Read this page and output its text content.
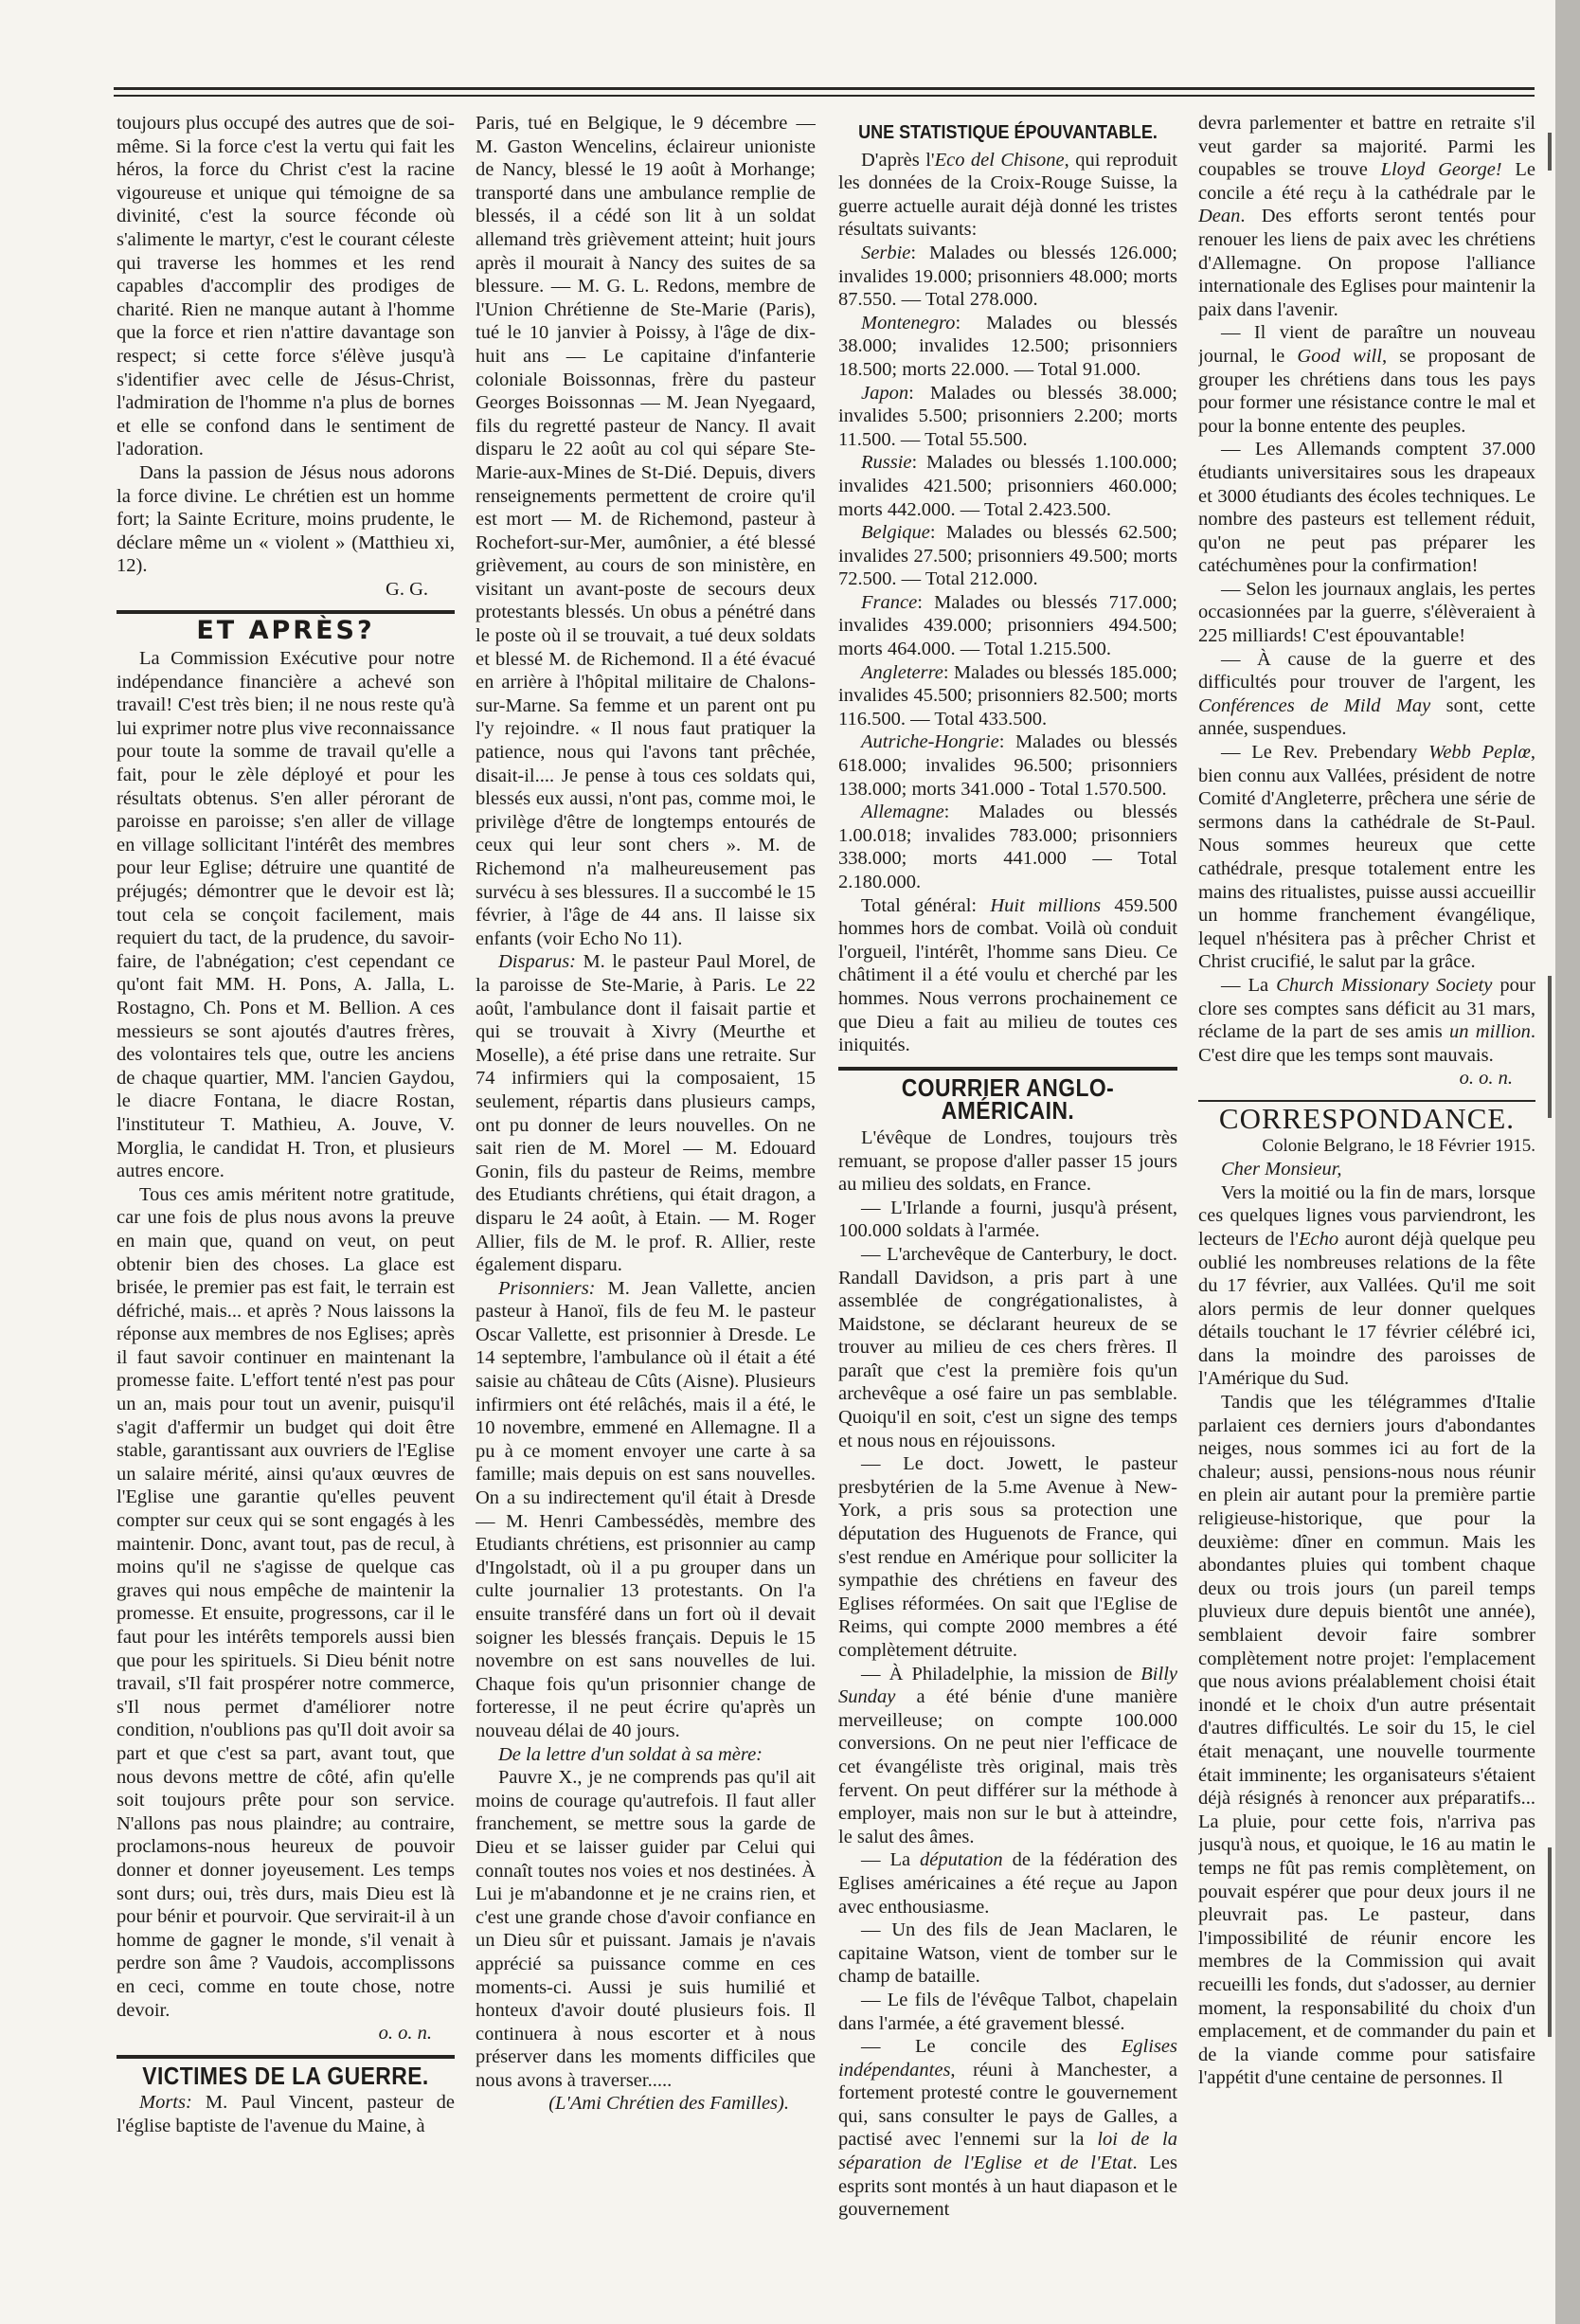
toujours plus occupé des autres que de soi-même. Si la force c'est la vertu qui fait les héros, la force du Christ c'est la racine vigoureuse et unique qui témoigne de sa divinité, c'est la source féconde où s'alimente le martyr, c'est le courant céleste qui traverse les hommes et les rend capables d'accomplir des prodiges de charité. Rien ne manque autant à l'homme que la force et rien n'attire davantage son respect; si cette force s'élève jusqu'à s'identifier avec celle de Jésus-Christ, l'admiration de l'homme n'a plus de bornes et elle se confond dans le sentiment de l'adoration.

Dans la passion de Jésus nous adorons la force divine. Le chrétien est un homme fort; la Sainte Ecriture, moins prudente, le déclare même un « violent » (Matthieu xi, 12).

G. G.

ET APRÈS?

La Commission Exécutive pour notre indépendance financière a achevé son travail! C'est très bien; il ne nous reste qu'à lui exprimer notre plus vive reconnaissance pour toute la somme de travail qu'elle a fait, pour le zèle déployé et pour les résultats obtenus. S'en aller pérorant de paroisse en paroisse; s'en aller de village en village sollicitant l'intérêt des membres pour leur Eglise; détruire une quantité de préjugés; démontrer que le devoir est là; tout cela se conçoit facilement, mais requiert du tact, de la prudence, du savoir-faire, de l'abnégation; c'est cependant ce qu'ont fait MM. H. Pons, A. Jalla, L. Rostagno, Ch. Pons et M. Bellion. A ces messieurs se sont ajoutés d'autres frères, des volontaires tels que, outre les anciens de chaque quartier, MM. l'ancien Gaydou, le diacre Fontana, le diacre Rostan, l'instituteur T. Mathieu, A. Jouve, V. Morglia, le candidat H. Tron, et plusieurs autres encore.

Tous ces amis méritent notre gratitude, car une fois de plus nous avons la preuve en main que, quand on veut, on peut obtenir bien des choses. La glace est brisée, le premier pas est fait, le terrain est défriché, mais... et après ? Nous laissons la réponse aux membres de nos Eglises; après il faut savoir continuer en maintenant la promesse faite. L'effort tenté n'est pas pour un an, mais pour tout un avenir, puisqu'il s'agit d'affermir un budget qui doit être stable, garantissant aux ouvriers de l'Eglise un salaire mérité, ainsi qu'aux œuvres de l'Eglise une garantie qu'elles peuvent compter sur ceux qui se sont engagés à les maintenir. Donc, avant tout, pas de recul, à moins qu'il ne s'agisse de quelque cas graves qui nous empêche de maintenir la promesse. Et ensuite, progressons, car il le faut pour les intérêts temporels aussi bien que pour les spirituels. Si Dieu bénit notre travail, s'Il fait prospérer notre commerce, s'Il nous permet d'améliorer notre condition, n'oublions pas qu'Il doit avoir sa part et que c'est sa part, avant tout, que nous devons mettre de côté, afin qu'elle soit toujours prête pour son service. N'allons pas nous plaindre; au contraire, proclamons-nous heureux de pouvoir donner et donner joyeusement. Les temps sont durs; oui, très durs, mais Dieu est là pour bénir et pourvoir. Que servirait-il à un homme de gagner le monde, s'il venait à perdre son âme ? Vaudois, accomplissons en ceci, comme en toute chose, notre devoir.

o. o. n.

VICTIMES DE LA GUERRE.

Morts: M. Paul Vincent, pasteur de l'église baptiste de l'avenue du Maine, à

Paris, tué en Belgique, le 9 décembre — M. Gaston Wencelins, éclaireur unioniste de Nancy, blessé le 19 août à Morhange; transporté dans une ambulance remplie de blessés, il a cédé son lit à un soldat allemand très grièvement atteint; huit jours après il mourait à Nancy des suites de sa blessure. — M. G. L. Redons, membre de l'Union Chrétienne de Ste-Marie (Paris), tué le 10 janvier à Poissy, à l'âge de dix-huit ans — Le capitaine d'infanterie coloniale Boissonnas, frère du pasteur Georges Boissonnas — M. Jean Nyegaard, fils du regretté pasteur de Nancy. Il avait disparu le 22 août au col qui sépare Ste-Marie-aux-Mines de St-Dié. Depuis, divers renseignements permettent de croire qu'il est mort — M. de Richemond, pasteur à Rochefort-sur-Mer, aumônier, a été blessé grièvement, au cours de son ministère, en visitant un avant-poste de secours deux protestants blessés. Un obus a pénétré dans le poste où il se trouvait, a tué deux soldats et blessé M. de Richemond. Il a été évacué en arrière à l'hôpital militaire de Chalons-sur-Marne. Sa femme et un parent ont pu l'y rejoindre. « Il nous faut pratiquer la patience, nous qui l'avons tant prêchée, disait-il.... Je pense à tous ces soldats qui, blessés eux aussi, n'ont pas, comme moi, le privilège d'être de longtemps entourés de ceux qui leur sont chers ». M. de Richemond n'a malheureusement pas survécu à ses blessures. Il a succombé le 15 février, à l'âge de 44 ans. Il laisse six enfants (voir Echo No 11).

Disparus: M. le pasteur Paul Morel, de la paroisse de Ste-Marie, à Paris. Le 22 août, l'ambulance dont il faisait partie et qui se trouvait à Xivry (Meurthe et Moselle), a été prise dans une retraite. Sur 74 infirmiers qui la composaient, 15 seulement, répartis dans plusieurs camps, ont pu donner de leurs nouvelles. On ne sait rien de M. Morel — M. Edouard Gonin, fils du pasteur de Reims, membre des Etudiants chrétiens, qui était dragon, a disparu le 24 août, à Etain. — M. Roger Allier, fils de M. le prof. R. Allier, reste également disparu.

Prisonniers: M. Jean Vallette, ancien pasteur à Hanoï, fils de feu M. le pasteur Oscar Vallette, est prisonnier à Dresde. Le 14 septembre, l'ambulance où il était a été saisie au château de Cûts (Aisne). Plusieurs infirmiers ont été relâchés, mais il a été, le 10 novembre, emmené en Allemagne. Il a pu à ce moment envoyer une carte à sa famille; mais depuis on est sans nouvelles. On a su indirectement qu'il était à Dresde — M. Henri Cambessédès, membre des Etudiants chrétiens, est prisonnier au camp d'Ingolstadt, où il a pu grouper dans un culte journalier 13 protestants. On l'a ensuite transféré dans un fort où il devait soigner les blessés français. Depuis le 15 novembre on est sans nouvelles de lui. Chaque fois qu'un prisonnier change de forteresse, il ne peut écrire qu'après un nouveau délai de 40 jours.

De la lettre d'un soldat à sa mère:

Pauvre X., je ne comprends pas qu'il ait moins de courage qu'autrefois. Il faut aller franchement, se mettre sous la garde de Dieu et se laisser guider par Celui qui connaît toutes nos voies et nos destinées. À Lui je m'abandonne et je ne crains rien, et c'est une grande chose d'avoir confiance en un Dieu sûr et puissant. Jamais je n'avais apprécié sa puissance comme en ces moments-ci. Aussi je suis humilié et honteux d'avoir douté plusieurs fois. Il continuera à nous escorter et à nous préserver dans les moments difficiles que nous avons à traverser.....

(L'Ami Chrétien des Familles).

UNE STATISTIQUE ÉPOUVANTABLE.

D'après l'Eco del Chisone, qui reproduit les données de la Croix-Rouge Suisse, la guerre actuelle aurait déjà donné les tristes résultats suivants:

Serbie: Malades ou blessés 126.000; invalides 19.000; prisonniers 48.000; morts 87.550. — Total 278.000.

Montenegro: Malades ou blessés 38.000; invalides 12.500; prisonniers 18.500; morts 22.000. — Total 91.000.

Japon: Malades ou blessés 38.000; invalides 5.500; prisonniers 2.200; morts 11.500. — Total 55.500.

Russie: Malades ou blessés 1.100.000; invalides 421.500; prisonniers 460.000; morts 442.000. — Total 2.423.500.

Belgique: Malades ou blessés 62.500; invalides 27.500; prisonniers 49.500; morts 72.500. — Total 212.000.

France: Malades ou blessés 717.000; invalides 439.000; prisonniers 494.500; morts 464.000. — Total 1.215.500.

Angleterre: Malades ou blessés 185.000; invalides 45.500; prisonniers 82.500; morts 116.500. — Total 433.500.

Autriche-Hongrie: Malades ou blessés 618.000; invalides 96.500; prisonniers 138.000; morts 341.000 - Total 1.570.500.

Allemagne: Malades ou blessés 1.00.018; invalides 783.000; prisonniers 338.000; morts 441.000 — Total 2.180.000.

Total général: Huit millions 459.500 hommes hors de combat. Voilà où conduit l'orgueil, l'intérêt, l'homme sans Dieu. Ce châtiment il a été voulu et cherché par les hommes. Nous verrons prochainement ce que Dieu a fait au milieu de toutes ces iniquités.

COURRIER ANGLO-AMÉRICAIN.

L'évêque de Londres, toujours très remuant, se propose d'aller passer 15 jours au milieu des soldats, en France.

— L'Irlande a fourni, jusqu'à présent, 100.000 soldats à l'armée.

— L'archevêque de Canterbury, le doct. Randall Davidson, a pris part à une assemblée de congrégationalistes, à Maidstone, se déclarant heureux de se trouver au milieu de ces chers frères. Il paraît que c'est la première fois qu'un archevêque a osé faire un pas semblable. Quoiqu'il en soit, c'est un signe des temps et nous nous en réjouissons.

— Le doct. Jowett, le pasteur presbytérien de la 5.me Avenue à New-York, a pris sous sa protection une députation des Huguenots de France, qui s'est rendue en Amérique pour solliciter la sympathie des chrétiens en faveur des Eglises réformées. On sait que l'Eglise de Reims, qui compte 2000 membres a été complètement détruite.

— À Philadelphie, la mission de Billy Sunday a été bénie d'une manière merveilleuse; on compte 100.000 conversions. On ne peut nier l'efficace de cet évangéliste très original, mais très fervent. On peut différer sur la méthode à employer, mais non sur le but à atteindre, le salut des âmes.

— La députation de la fédération des Eglises américaines a été reçue au Japon avec enthousiasme.

— Un des fils de Jean Maclaren, le capitaine Watson, vient de tomber sur le champ de bataille.

— Le fils de l'évêque Talbot, chapelain dans l'armée, a été gravement blessé.

— Le concile des Eglises indépendantes, réuni à Manchester, a fortement protesté contre le gouvernement qui, sans consulter le pays de Galles, a pactisé avec l'ennemi sur la loi de la séparation de l'Eglise et de l'Etat. Les esprits sont montés à un haut diapason et le gouvernement

devra parlementer et battre en retraite s'il veut garder sa majorité. Parmi les coupables se trouve Lloyd George! Le concile a été reçu à la cathédrale par le Dean. Des efforts seront tentés pour renouer les liens de paix avec les chrétiens d'Allemagne. On propose l'alliance internationale des Eglises pour maintenir la paix dans l'avenir.

— Il vient de paraître un nouveau journal, le Good will, se proposant de grouper les chrétiens dans tous les pays pour former une résistance contre le mal et pour la bonne entente des peuples.

— Les Allemands comptent 37.000 étudiants universitaires sous les drapeaux et 3000 étudiants des écoles techniques. Le nombre des pasteurs est tellement réduit, qu'on ne peut pas préparer les catéchumènes pour la confirmation!

— Selon les journaux anglais, les pertes occasionnées par la guerre, s'élèveraient à 225 milliards! C'est épouvantable!

— À cause de la guerre et des difficultés pour trouver de l'argent, les Conférences de Mild May sont, cette année, suspendues.

— Le Rev. Prebendary Webb Peplœ, bien connu aux Vallées, président de notre Comité d'Angleterre, prêchera une série de sermons dans la cathédrale de St-Paul. Nous sommes heureux que cette cathédrale, presque totalement entre les mains des ritualistes, puisse aussi accueillir un homme franchement évangélique, lequel n'hésitera pas à prêcher Christ et Christ crucifié, le salut par la grâce.

— La Church Missionary Society pour clore ses comptes sans déficit au 31 mars, réclame de la part de ses amis un million. C'est dire que les temps sont mauvais.

o. o. n.

CORRESPONDANCE.

Colonie Belgrano, le 18 Février 1915.

Cher Monsieur,

Vers la moitié ou la fin de mars, lorsque ces quelques lignes vous parviendront, les lecteurs de l'Echo auront déjà quelque peu oublié les nombreuses relations de la fête du 17 février, aux Vallées. Qu'il me soit alors permis de leur donner quelques détails touchant le 17 février célébré ici, dans la moindre des paroisses de l'Amérique du Sud.

Tandis que les télégrammes d'Italie parlaient ces derniers jours d'abondantes neiges, nous sommes ici au fort de la chaleur; aussi, pensions-nous nous réunir en plein air autant pour la première partie religieuse-historique, que pour la deuxième: dîner en commun. Mais les abondantes pluies qui tombent chaque deux ou trois jours (un pareil temps pluvieux dure depuis bientôt une année), semblaient devoir faire sombrer complètement notre projet: l'emplacement que nous avions préalablement choisi était inondé et le choix d'un autre présentait d'autres difficultés. Le soir du 15, le ciel était menaçant, une nouvelle tourmente était imminente; les organisateurs s'étaient déjà résignés à renoncer aux préparatifs... La pluie, pour cette fois, n'arriva pas jusqu'à nous, et quoique, le 16 au matin le temps ne fût pas remis complètement, on pouvait espérer que pour deux jours il ne pleuvrait pas. Le pasteur, dans l'impossibilité de réunir encore les membres de la Commission qui avait recueilli les fonds, dut s'adosser, au dernier moment, la responsabilité du choix d'un emplacement, et de commander du pain et de la viande comme pour satisfaire l'appétit d'une centaine de personnes. Il
